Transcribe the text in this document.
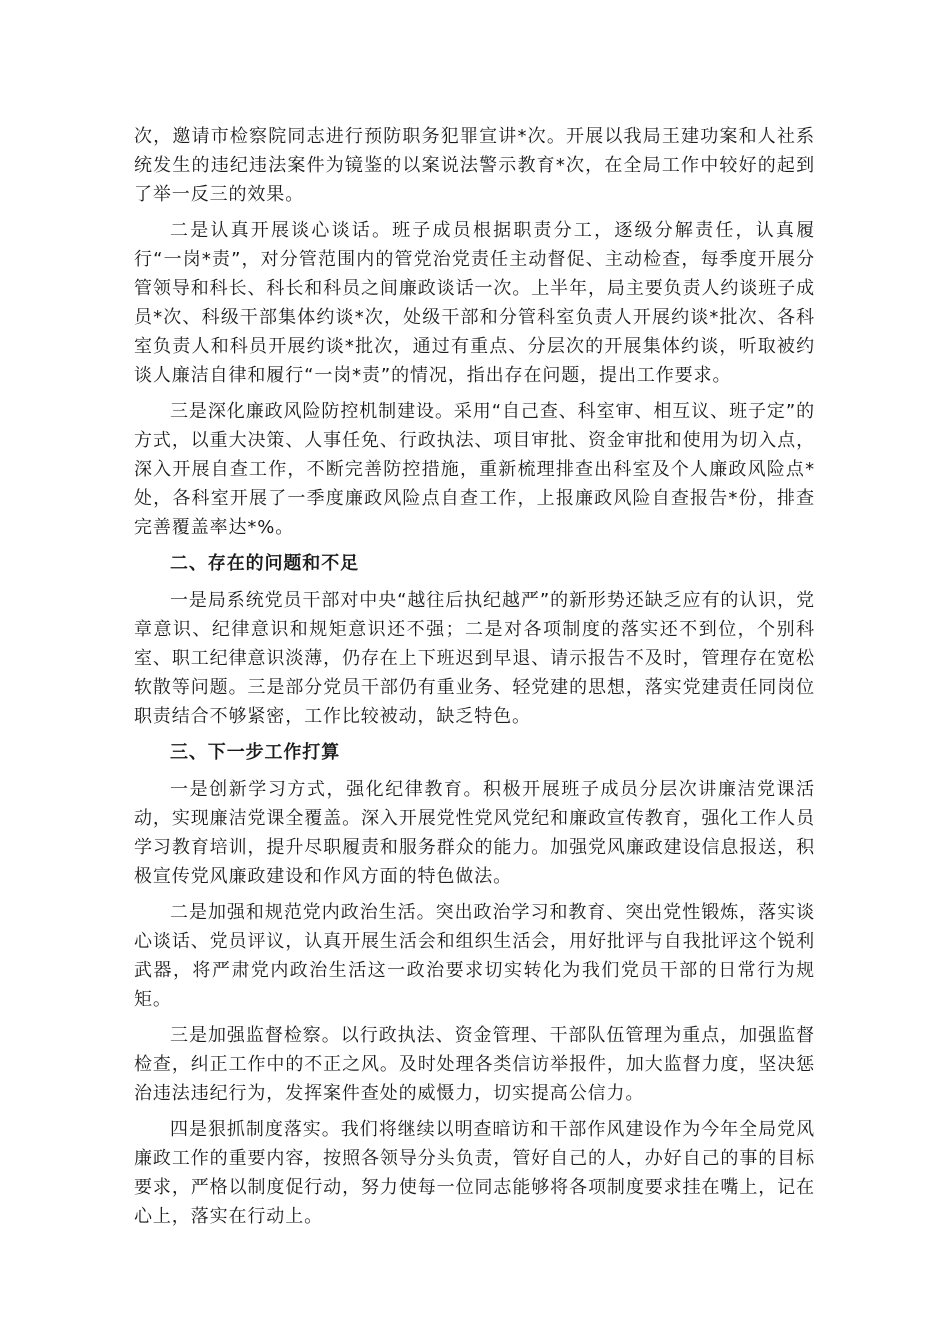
次，邀请市检察院同志进行预防职务犯罪宣讲*次。开展以我局王建功案和人社系统发生的违纪违法案件为镜鉴的以案说法警示教育*次，在全局工作中较好的起到了举一反三的效果。

二是认真开展谈心谈话。班子成员根据职责分工，逐级分解责任，认真履行“一岗*责”，对分管范围内的管党治党责任主动督促、主动检查，每季度开展分管领导和科长、科长和科员之间廉政谈话一次。上半年，局主要负责人约谈班子成员*次、科级干部集体约谈*次，处级干部和分管科室负责人开展约谈*批次、各科室负责人和科员开展约谈*批次，通过有重点、分层次的开展集体约谈，听取被约谈人廉洁自律和履行“一岗*责”的情况，指出存在问题，提出工作要求。

三是深化廉政风险防控机制建设。采用“自己查、科室审、相互议、班子定”的方式，以重大决策、人事任免、行政执法、项目审批、资金审批和使用为切入点，深入开展自查工作，不断完善防控措施，重新梳理排查出科室及个人廉政风险点*处，各科室开展了一季度廉政风险点自查工作，上报廉政风险自查报告*份，排查完善覆盖率达*%。

二、存在的问题和不足

一是局系统党员干部对中央“越往后执纪越严”的新形势还缺乏应有的认识，党章意识、纪律意识和规矩意识还不强；二是对各项制度的落实还不到位，个别科室、职工纪律意识淡薄，仍存在上下班迟到早退、请示报告不及时，管理存在宽松软散等问题。三是部分党员干部仍有重业务、轻党建的思想，落实党建责任同岗位职责结合不够紧密，工作比较被动，缺乏特色。

三、下一步工作打算

一是创新学习方式，强化纪律教育。积极开展班子成员分层次讲廉洁党课活动，实现廉洁党课全覆盖。深入开展党性党风党纪和廉政宣传教育，强化工作人员学习教育培训，提升尽职履责和服务群众的能力。加强党风廉政建设信息报送，积极宣传党风廉政建设和作风方面的特色做法。

二是加强和规范党内政治生活。突出政治学习和教育、突出党性锻炼，落实谈心谈话、党员评议，认真开展生活会和组织生活会，用好批评与自我批评这个锐利武器，将严肃党内政治生活这一政治要求切实转化为我们党员干部的日常行为规矩。

三是加强监督检察。以行政执法、资金管理、干部队伍管理为重点，加强监督检查，纠正工作中的不正之风。及时处理各类信访举报件，加大监督力度，坚决惩治违法违纪行为，发挥案件查处的威慑力，切实提高公信力。

四是狠抓制度落实。我们将继续以明查暗访和干部作风建设作为今年全局党风廉政工作的重要内容，按照各领导分头负责，管好自己的人，办好自己的事的目标要求，严格以制度促行动，努力使每一位同志能够将各项制度要求挂在嘴上，记在心上，落实在行动上。
